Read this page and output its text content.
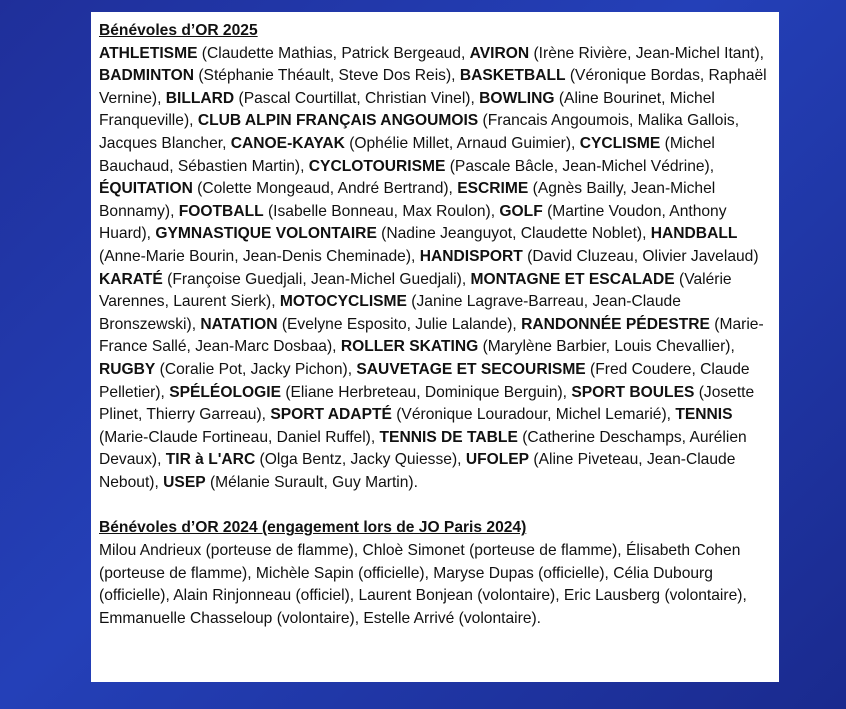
Bénévoles d’OR 2025

ATHLETISME (Claudette Mathias, Patrick Bergeaud, AVIRON (Irène Rivière, Jean-Michel Itant), BADMINTON (Stéphanie Théault, Steve Dos Reis), BASKETBALL (Véronique Bordas, Raphaël Vernine), BILLARD (Pascal Courtillat, Christian Vinel), BOWLING (Aline Bourinet, Michel Franqueville), CLUB ALPIN FRANÇAIS ANGOUMOIS (Francais Angoumois, Malika Gallois, Jacques Blancher, CANOE-KAYAK (Ophélie Millet, Arnaud Guimier), CYCLISME (Michel Bauchaud, Sébastien Martin), CYCLOTOURISME (Pascale Bâcle, Jean-Michel Védrine), ÉQUITATION (Colette Mongeaud, André Bertrand), ESCRIME (Agnès Bailly, Jean-Michel Bonnamy), FOOTBALL (Isabelle Bonneau, Max Roulon), GOLF (Martine Voudon, Anthony Huard), GYMNASTIQUE VOLONTAIRE (Nadine Jeanguyot, Claudette Noblet), HANDBALL (Anne-Marie Bourin, Jean-Denis Cheminade), HANDISPORT (David Cluzeau, Olivier Javelaud) KARATÉ (Françoise Guedjali, Jean-Michel Guedjali), MONTAGNE ET ESCALADE (Valérie Varennes, Laurent Sierk), MOTOCYCLISME (Janine Lagrave-Barreau, Jean-Claude Bronszewski), NATATION (Evelyne Esposito, Julie Lalande), RANDONNÉE PÉDESTRE (Marie-France Sallé, Jean-Marc Dosbaa), ROLLER SKATING (Marylène Barbier, Louis Chevallier), RUGBY (Coralie Pot, Jacky Pichon), SAUVETAGE ET SECOURISME (Fred Coudere, Claude Pelletier), SPÉLÉOLOGIE (Eliane Herbreteau, Dominique Berguin), SPORT BOULES (Josette Plinet, Thierry Garreau), SPORT ADAPTÉ (Véronique Louradour, Michel Lemarié), TENNIS (Marie-Claude Fortineau, Daniel Ruffel), TENNIS DE TABLE (Catherine Deschamps, Aurélien Devaux), TIR à L'ARC (Olga Bentz, Jacky Quiesse), UFOLEP (Aline Piveteau, Jean-Claude Nebout), USEP (Mélanie Surault, Guy Martin).

Bénévoles d’OR 2024 (engagement lors de JO Paris 2024)

Milou Andrieux (porteuse de flamme), Chloè Simonet (porteuse de flamme), Élisabeth Cohen (porteuse de flamme), Michèle Sapin (officielle), Maryse Dupas (officielle), Célia Dubourg (officielle), Alain Rinjonneau (officiel), Laurent Bonjean (volontaire), Eric Lausberg (volontaire), Emmanuelle Chasseloup (volontaire), Estelle Arrivé (volontaire).
